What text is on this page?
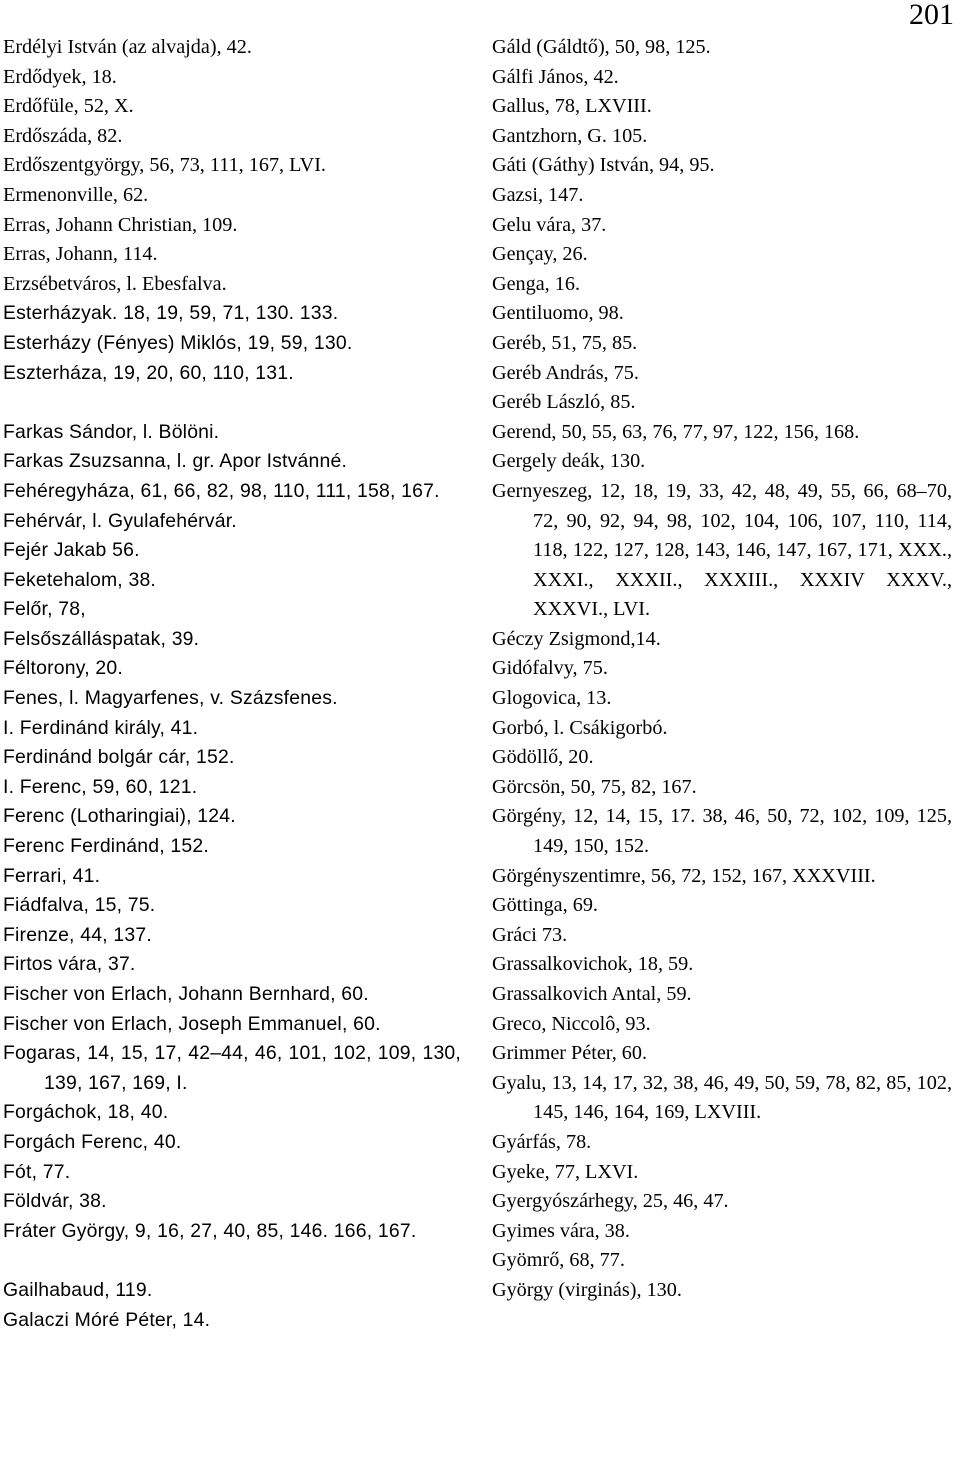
201
Erdélyi István (az alvajda), 42.
Erdődyek, 18.
Erdőfüle, 52, X.
Erdőszáda, 82.
Erdőszentgyörgy, 56, 73, 111, 167, LVI.
Ermenonville, 62.
Erras, Johann Christian, 109.
Erras, Johann, 114.
Erzsébetváros, l. Ebesfalva.
Esterházyak. 18, 19, 59, 71, 130. 133.
Esterházy (Fényes) Miklós, 19, 59, 130.
Eszterháza, 19, 20, 60, 110, 131.
Farkas Sándor, l. Bölöni.
Farkas Zsuzsanna, l. gr. Apor Istvánné.
Fehéregyháza, 61, 66, 82, 98, 110, 111, 158, 167.
Fehérvár, l. Gyulafehérvár.
Fejér Jakab 56.
Feketehalom, 38.
Felőr, 78,
Felsőszálláspatak, 39.
Féltorony, 20.
Fenes, l. Magyarfenes, v. Százsfenes.
I. Ferdinánd király, 41.
Ferdinánd bolgár cár, 152.
I. Ferenc, 59, 60, 121.
Ferenc (Lotharingiai), 124.
Ferenc Ferdinánd, 152.
Ferrari, 41.
Fiádfalva, 15, 75.
Firenze, 44, 137.
Firtos vára, 37.
Fischer von Erlach, Johann Bernhard, 60.
Fischer von Erlach, Joseph Emmanuel, 60.
Fogaras, 14, 15, 17, 42–44, 46, 101, 102, 109, 130, 139, 167, 169, I.
Forgáchok, 18, 40.
Forgách Ferenc, 40.
Fót, 77.
Földvár, 38.
Fráter György, 9, 16, 27, 40, 85, 146. 166, 167.
Gailhabaud, 119.
Galaczi Móré Péter, 14.
Gáld (Gáldtő), 50, 98, 125.
Gálfi János, 42.
Gallus, 78, LXVIII.
Gantzhorn, G. 105.
Gáti (Gáthy) István, 94, 95.
Gazsi, 147.
Gelu vára, 37.
Gençay, 26.
Genga, 16.
Gentiluomo, 98.
Geréb, 51, 75, 85.
Geréb András, 75.
Geréb László, 85.
Gerend, 50, 55, 63, 76, 77, 97, 122, 156, 168.
Gergely deák, 130.
Gernyeszeg, 12, 18, 19, 33, 42, 48, 49, 55, 66, 68–70, 72, 90, 92, 94, 98, 102, 104, 106, 107, 110, 114, 118, 122, 127, 128, 143, 146, 147, 167, 171, XXX., XXXI., XXXII., XXXIII., XXXIV XXXV., XXXVI., LVI.
Géczy Zsigmond,14.
Gidófalvy, 75.
Glogovica, 13.
Gorbó, l. Csákigorbó.
Gödöllő, 20.
Görcsön, 50, 75, 82, 167.
Görgény, 12, 14, 15, 17. 38, 46, 50, 72, 102, 109, 125, 149, 150, 152.
Görgényszentimre, 56, 72, 152, 167, XXXVIII.
Göttinga, 69.
Gráci 73.
Grassalkovichok, 18, 59.
Grassalkovich Antal, 59.
Greco, Niccolô, 93.
Grimmer Péter, 60.
Gyalu, 13, 14, 17, 32, 38, 46, 49, 50, 59, 78, 82, 85, 102, 145, 146, 164, 169, LXVIII.
Gyárfás, 78.
Gyeke, 77, LXVI.
Gyergyószárhegy, 25, 46, 47.
Gyimes vára, 38.
Gyömrő, 68, 77.
György (virginás), 130.
